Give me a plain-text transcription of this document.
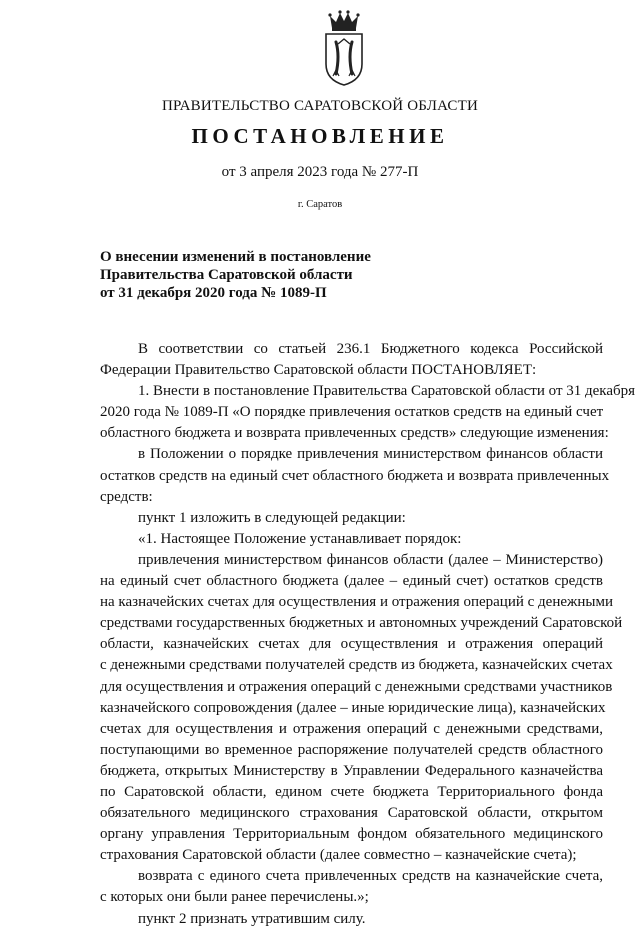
ПРАВИТЕЛЬСТВО САРАТОВСКОЙ ОБЛАСТИ
ПОСТАНОВЛЕНИЕ
от 3 апреля 2023 года № 277-П
г. Саратов
О внесении изменений в постановление
Правительства Саратовской области
от 31 декабря 2020 года № 1089-П
В соответствии со статьей 236.1 Бюджетного кодекса Российской
Федерации Правительство Саратовской области ПОСТАНОВЛЯЕТ:
1. Внести в постановление Правительства Саратовской области от 31 декабря
2020 года № 1089-П «О порядке привлечения остатков средств на единый счет
областного бюджета и возврата привлеченных средств» следующие изменения:
в Положении о порядке привлечения министерством финансов области
остатков средств на единый счет областного бюджета и возврата привлеченных
средств:
пункт 1 изложить в следующей редакции:
«1. Настоящее Положение устанавливает порядок:
привлечения министерством финансов области (далее – Министерство)
на единый счет областного бюджета (далее – единый счет) остатков средств
на казначейских счетах для осуществления и отражения операций с денежными
средствами государственных бюджетных и автономных учреждений Саратовской
области, казначейских счетах для осуществления и отражения операций
с денежными средствами получателей средств из бюджета, казначейских счетах
для осуществления и отражения операций с денежными средствами участников
казначейского сопровождения (далее – иные юридические лица), казначейских
счетах для осуществления и отражения операций с денежными средствами,
поступающими во временное распоряжение получателей средств областного
бюджета, открытых Министерству в Управлении Федерального казначейства
по Саратовской области, едином счете бюджета Территориального фонда
обязательного медицинского страхования Саратовской области, открытом
органу управления Территориальным фондом обязательного медицинского
страхования Саратовской области (далее совместно – казначейские счета);
возврата с единого счета привлеченных средств на казначейские счета,
с которых они были ранее перечислены.»;
пункт 2 признать утратившим силу.
